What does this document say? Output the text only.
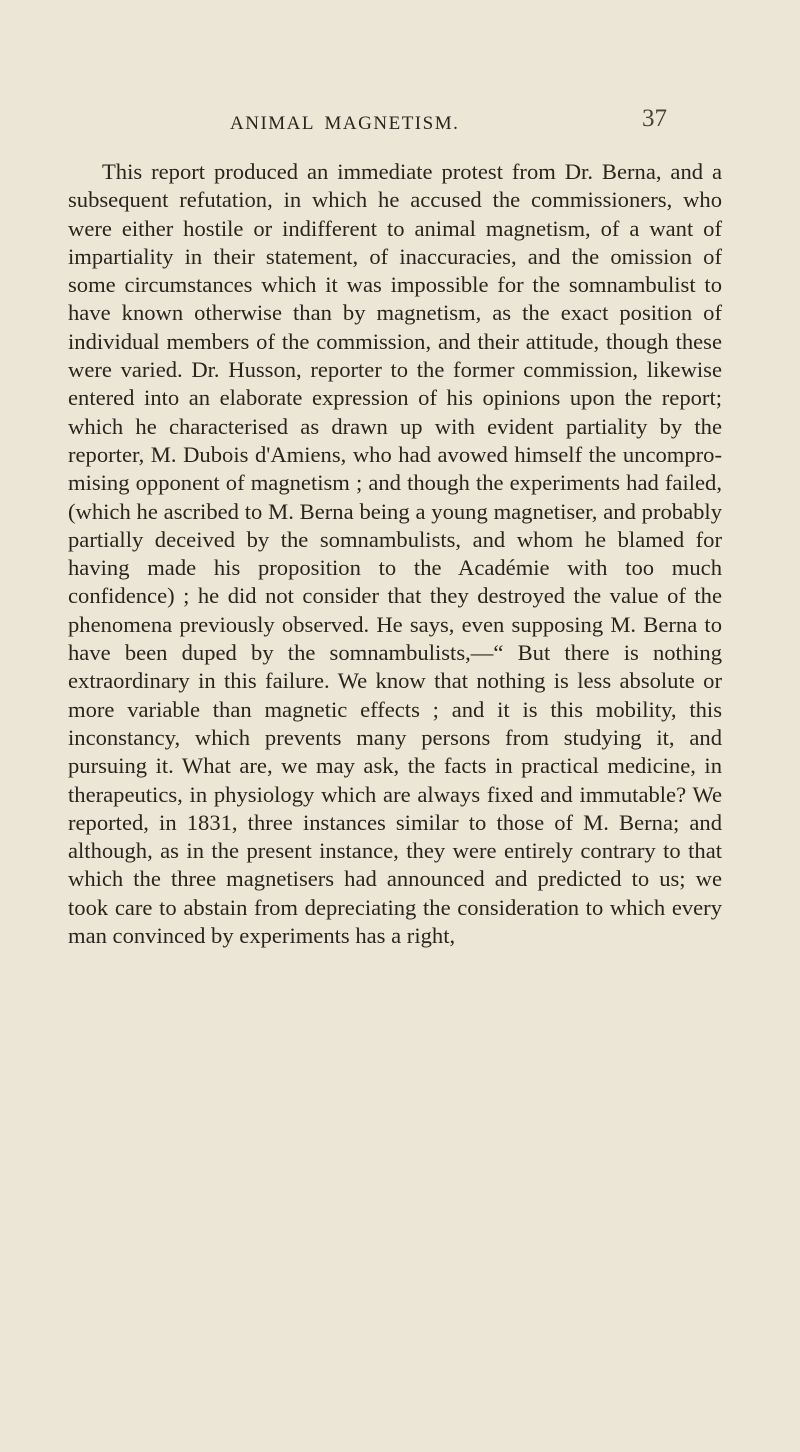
ANIMAL MAGNETISM.	37

This report produced an immediate protest from Dr. Berna, and a subsequent refutation, in which he accused the commissioners, who were either hostile or indifferent to animal magnetism, of a want of impartiality in their statement, of inaccuracies, and the omission of some circumstances which it was impossible for the somnambulist to have known otherwise than by magnetism, as the exact position of individual members of the commission, and their attitude, though these were varied. Dr. Husson, reporter to the former commission, likewise entered into an elaborate expression of his opinions upon the report; which he characterised as drawn up with evident partiality by the reporter, M. Dubois d'Amiens, who had avowed himself the uncompromising opponent of magnetism ; and though the experiments had failed, (which he ascribed to M. Berna being a young magnetiser, and probably partially deceived by the somnambulists, and whom he blamed for having made his proposition to the Académie with too much confidence) ; he did not consider that they destroyed the value of the phenomena previously observed. He says, even supposing M. Berna to have been duped by the somnambulists,—“ But there is nothing extraordinary in this failure. We know that nothing is less absolute or more variable than magnetic effects ; and it is this mobility, this inconstancy, which prevents many persons from studying it, and pursuing it. What are, we may ask, the facts in practical medicine, in therapeutics, in physiology which are always fixed and immutable? We reported, in 1831, three instances similar to those of M. Berna; and although, as in the present instance, they were entirely contrary to that which the three magnetisers had announced and predicted to us; we took care to abstain from depreciating the consideration to which every man convinced by experiments has a right,
